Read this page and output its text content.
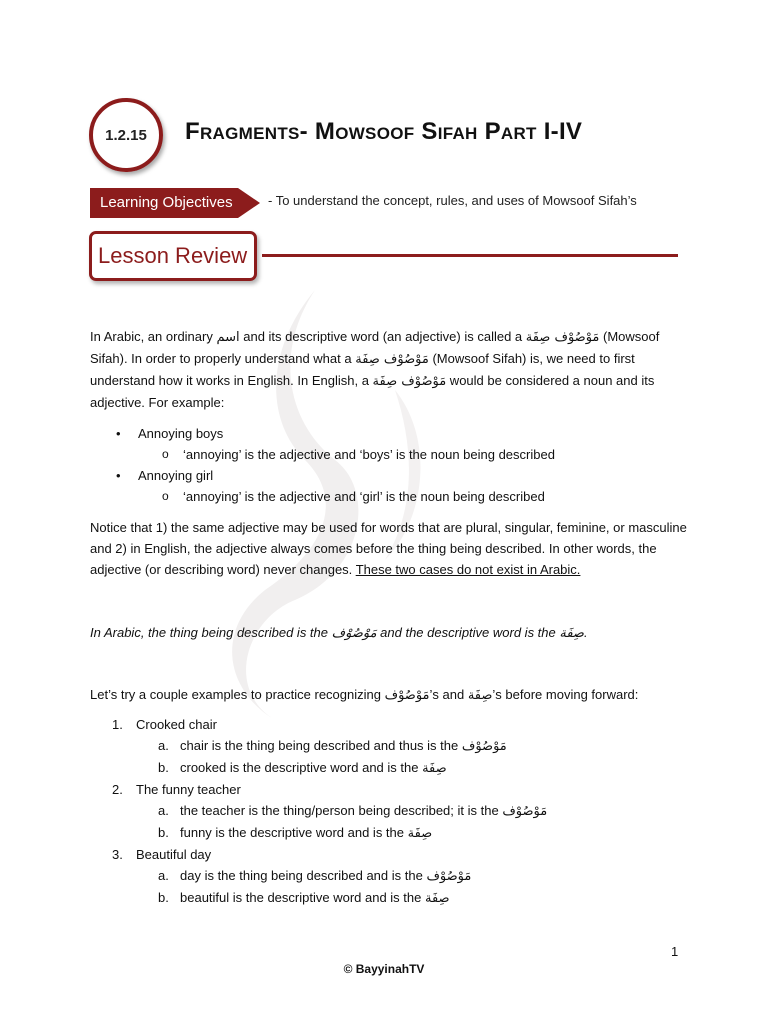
1.2.15 Fragments- Mowsoof Sifah Part I-IV
Learning Objectives	- To understand the concept, rules, and uses of Mowsoof Sifah’s
Lesson Review

In Arabic, an ordinary اسم and its descriptive word (an adjective) is called a مَوْصُوْف صِفَة (Mowsoof Sifah). In order to properly understand what a مَوْصُوْف صِفَة (Mowsoof Sifah) is, we need to first understand how it works in English. In English, a مَوْصُوْف صِفَة would be considered a noun and its adjective. For example:

• Annoying boys
o ‘annoying’ is the adjective and ‘boys’ is the noun being described
• Annoying girl
o ‘annoying’ is the adjective and ‘girl’ is the noun being described

Notice that 1) the same adjective may be used for words that are plural, singular, feminine, or masculine and 2) in English, the adjective always comes before the thing being described. In other words, the adjective (or describing word) never changes. These two cases do not exist in Arabic.

In Arabic, the thing being described is the مَوْصُوْف and the descriptive word is the صِفَة.

Let’s try a couple examples to practice recognizing مَوْصُوْف’s and صِفَة’s before moving forward:

1. Crooked chair
a. chair is the thing being described and thus is the مَوْصُوْف
b. crooked is the descriptive word and is the صِفَة
2. The funny teacher
a. the teacher is the thing/person being described; it is the مَوْصُوْف
b. funny is the descriptive word and is the صِفَة
3. Beautiful day
a. day is the thing being described and is the مَوْصُوْف
b. beautiful is the descriptive word and is the صِفَة
1
© BayyinahTV
